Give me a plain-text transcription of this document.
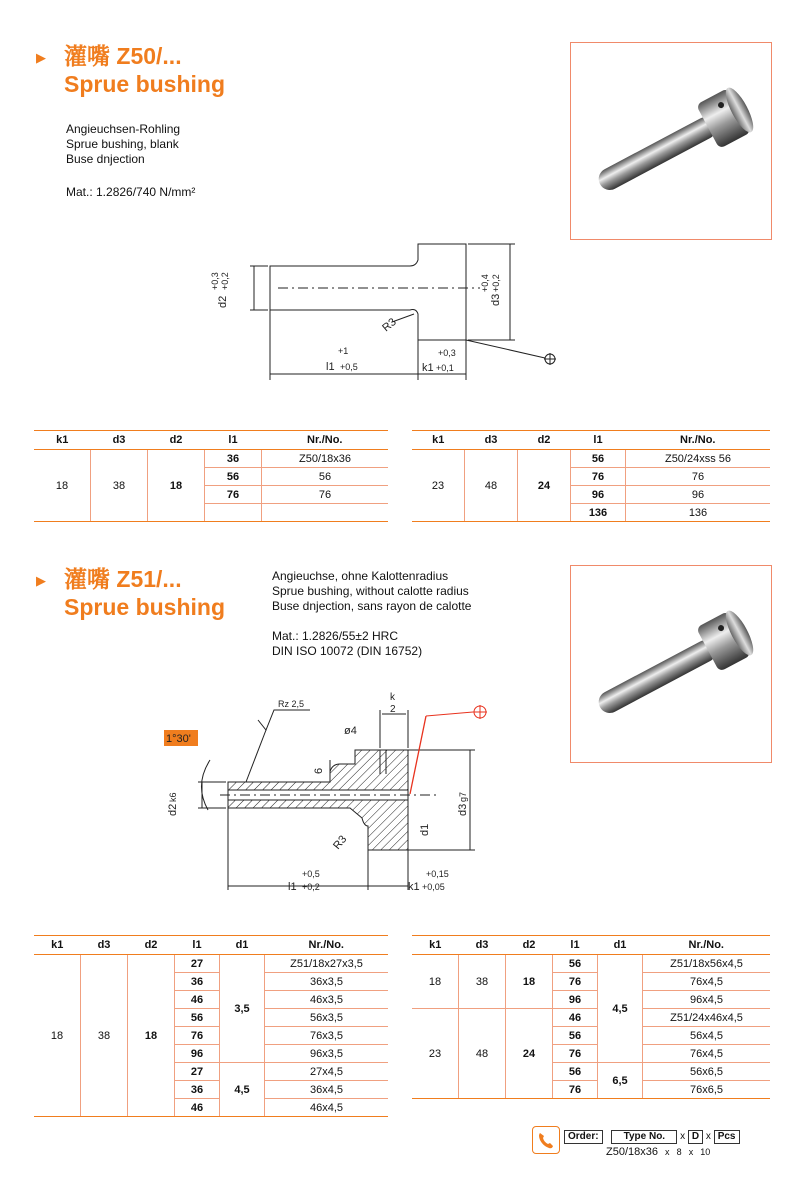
▶ 灌嘴 Z50/...
Sprue bushing
Angieuchsen-Rohling
Sprue bushing, blank
Buse dnjection
Mat.: 1.2826/740 N/mm²
d2
+0,3 +0,2
d3
+0,4 +0,2
R3
+1
l1 +0,5
+0,3
k1 +0,1
k1	d3	d2	l1	Nr./No.
18	38	18	36	Z50/18x36
			56	56
			76	76

k1	d3	d2	l1	Nr./No.
23	48	24	56	Z50/24xss 56
			76	76
			96	96
			136	136
▶ 灌嘴 Z51/...
Sprue bushing
Angieuchse, ohne Kalottenradius
Sprue bushing, without calotte radius
Buse dnjection, sans rayon de calotte
Mat.: 1.2826/55±2 HRC
DIN ISO 10072 (DIN 16752)
1°30'
Rz 2,5
ø4
k
2
6
d2
k6
d3
g7
d1
R3
+0,5
l1 +0,2
+0,15
k1 +0,05
k1	d3	d2	l1	d1	Nr./No.
18	38	18	27	3,5	Z51/18x27x3,5
			36		36x3,5
			46		46x3,5
			56		56x3,5
			76		76x3,5
			96		96x3,5
			27	4,5	27x4,5
			36		36x4,5
			46		46x4,5
k1	d3	d2	l1	d1	Nr./No.
18	38	18	56	4,5	Z51/18x56x4,5
			76		76x4,5
			96		96x4,5
23	48	24	46		Z51/24x46x4,5
			56		56x4,5
			76		76x4,5
			56	6,5	56x6,5
			76		76x6,5
Order:	Type No. x D x Pcs
Z50/18x36 x 8 x 10
